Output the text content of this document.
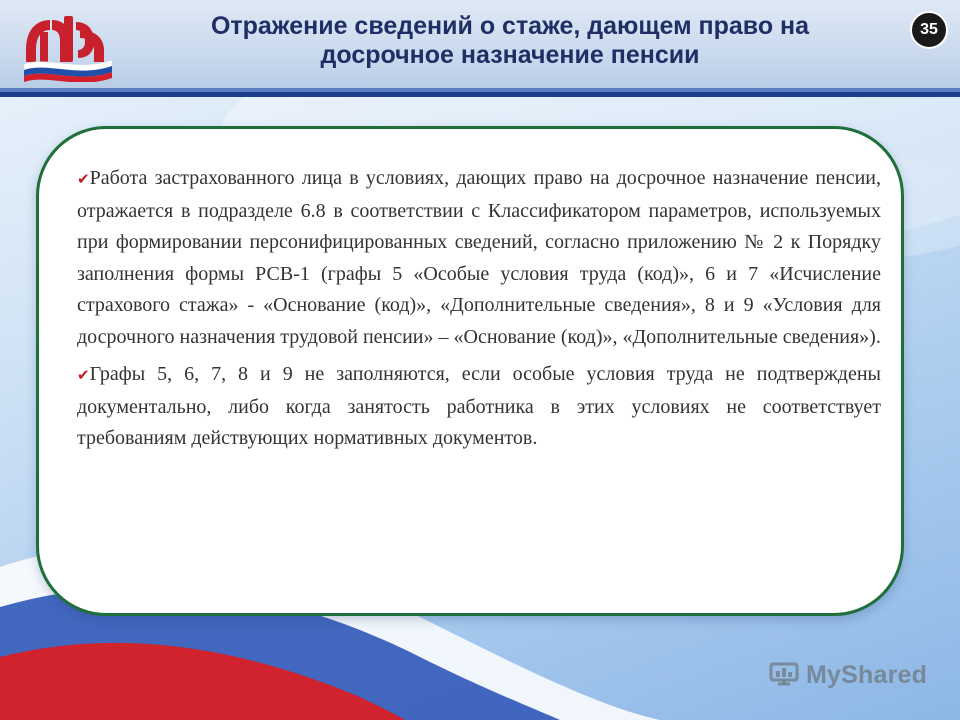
Отражение сведений о стаже, дающем право на
досрочное назначение пенсии
35

✔Работа застрахованного лица в условиях, дающих право на досрочное назначение пенсии, отражается в подразделе 6.8 в соответствии с Классификатором параметров, используемых при формировании персонифицированных сведений, согласно приложению № 2 к Порядку заполнения формы РСВ-1 (графы 5 «Особые условия труда (код)», 6 и 7 «Исчисление страхового стажа» - «Основание (код)», «Дополнительные сведения», 8 и 9 «Условия для досрочного назначения трудовой пенсии» – «Основание (код)», «Дополнительные сведения»).

✔Графы 5, 6, 7, 8 и 9 не заполняются, если особые условия труда не подтверждены документально, либо когда занятость работника в этих условиях не соответствует требованиям действующих нормативных документов.

MyShared
